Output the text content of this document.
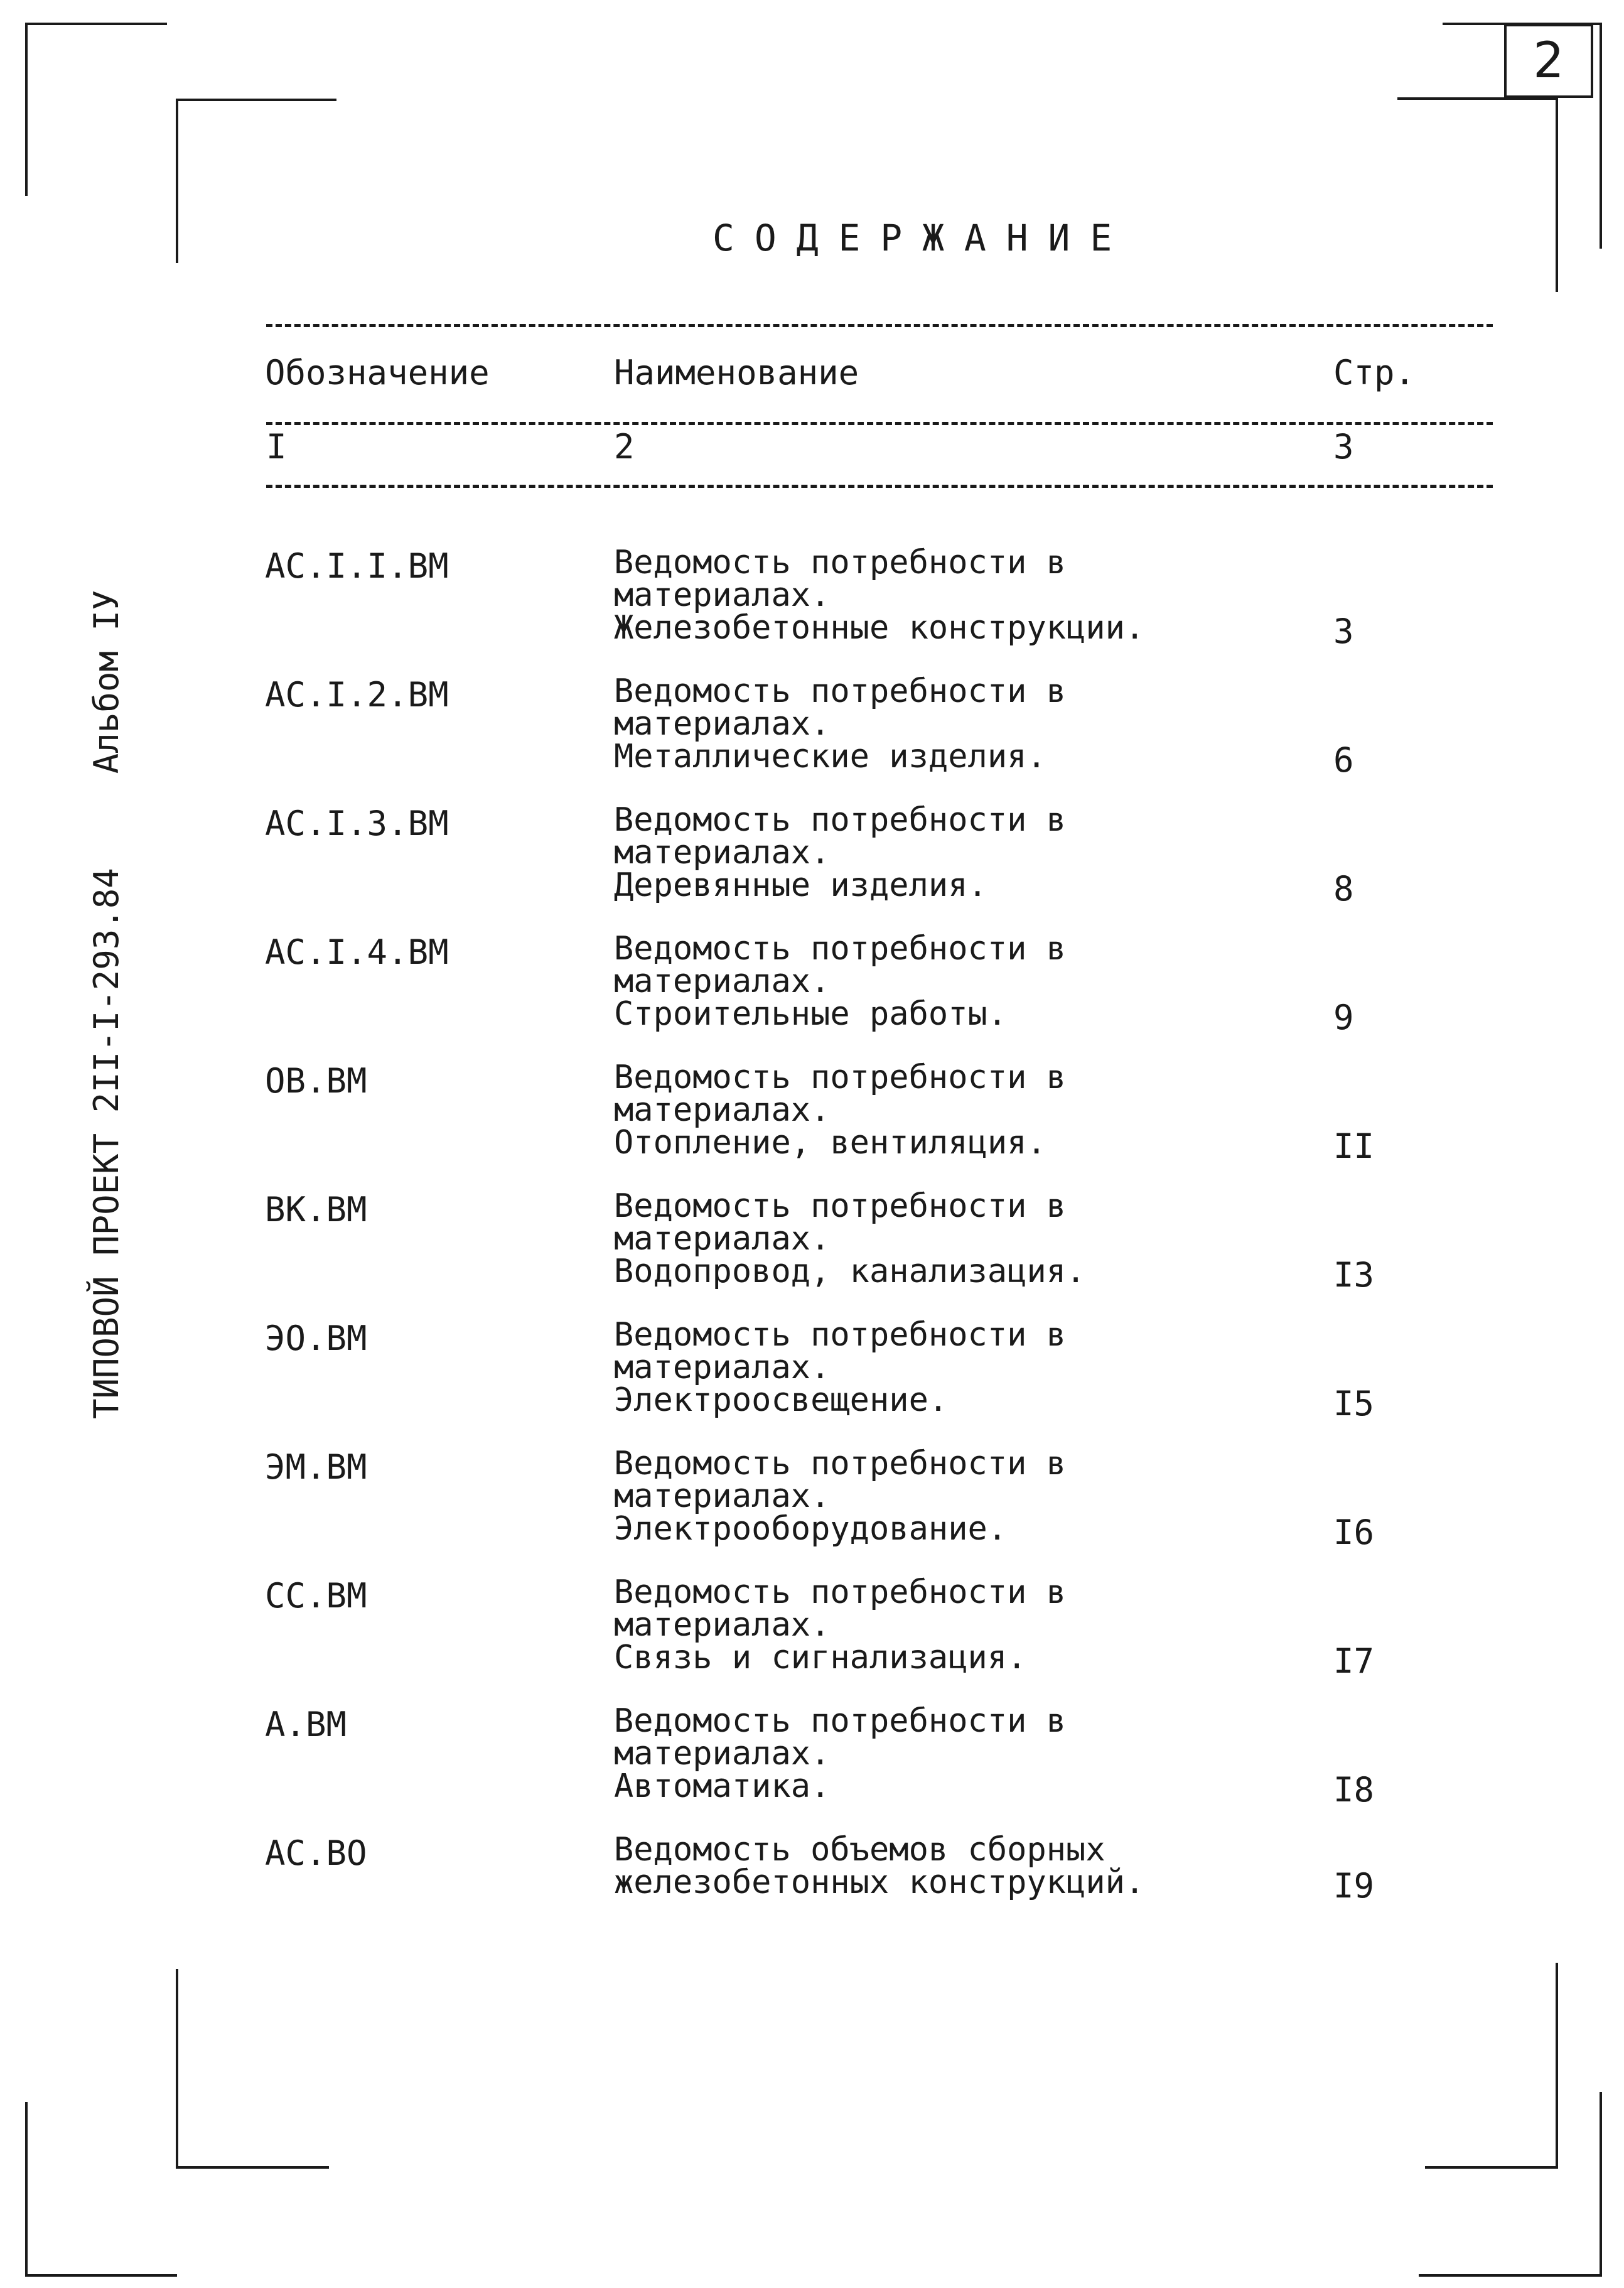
2
СОДЕРЖАНИЕ
Обозначение	Наименование	Стр.
I	2	3
АС.I.I.ВМ	Ведомость потребности в
материалах.
Железобетонные конструкции.	3
АС.I.2.ВМ	Ведомость потребности в
материалах.
Металлические изделия.	6
АС.I.3.ВМ	Ведомость потребности в
материалах.
Деревянные изделия.	8
АС.I.4.ВМ	Ведомость потребности в
материалах.
Строительные работы.	9
ОВ.ВМ	Ведомость потребности в
материалах.
Отопление, вентиляция.	II
ВК.ВМ	Ведомость потребности в
материалах.
Водопровод, канализация.	I3
ЭО.ВМ	Ведомость потребности в
материалах.
Электроосвещение.	I5
ЭМ.ВМ	Ведомость потребности в
материалах.
Электрооборудование.	I6
СС.ВМ	Ведомость потребности в
материалах.
Связь и сигнализация.	I7
А.ВМ	Ведомость потребности в
материалах.
Автоматика.	I8
АС.ВО	Ведомость объемов сборных
железобетонных конструкций.	I9
ТИПОВОЙ ПРОЕКТ 2II-I-293.84Альбом IУ
